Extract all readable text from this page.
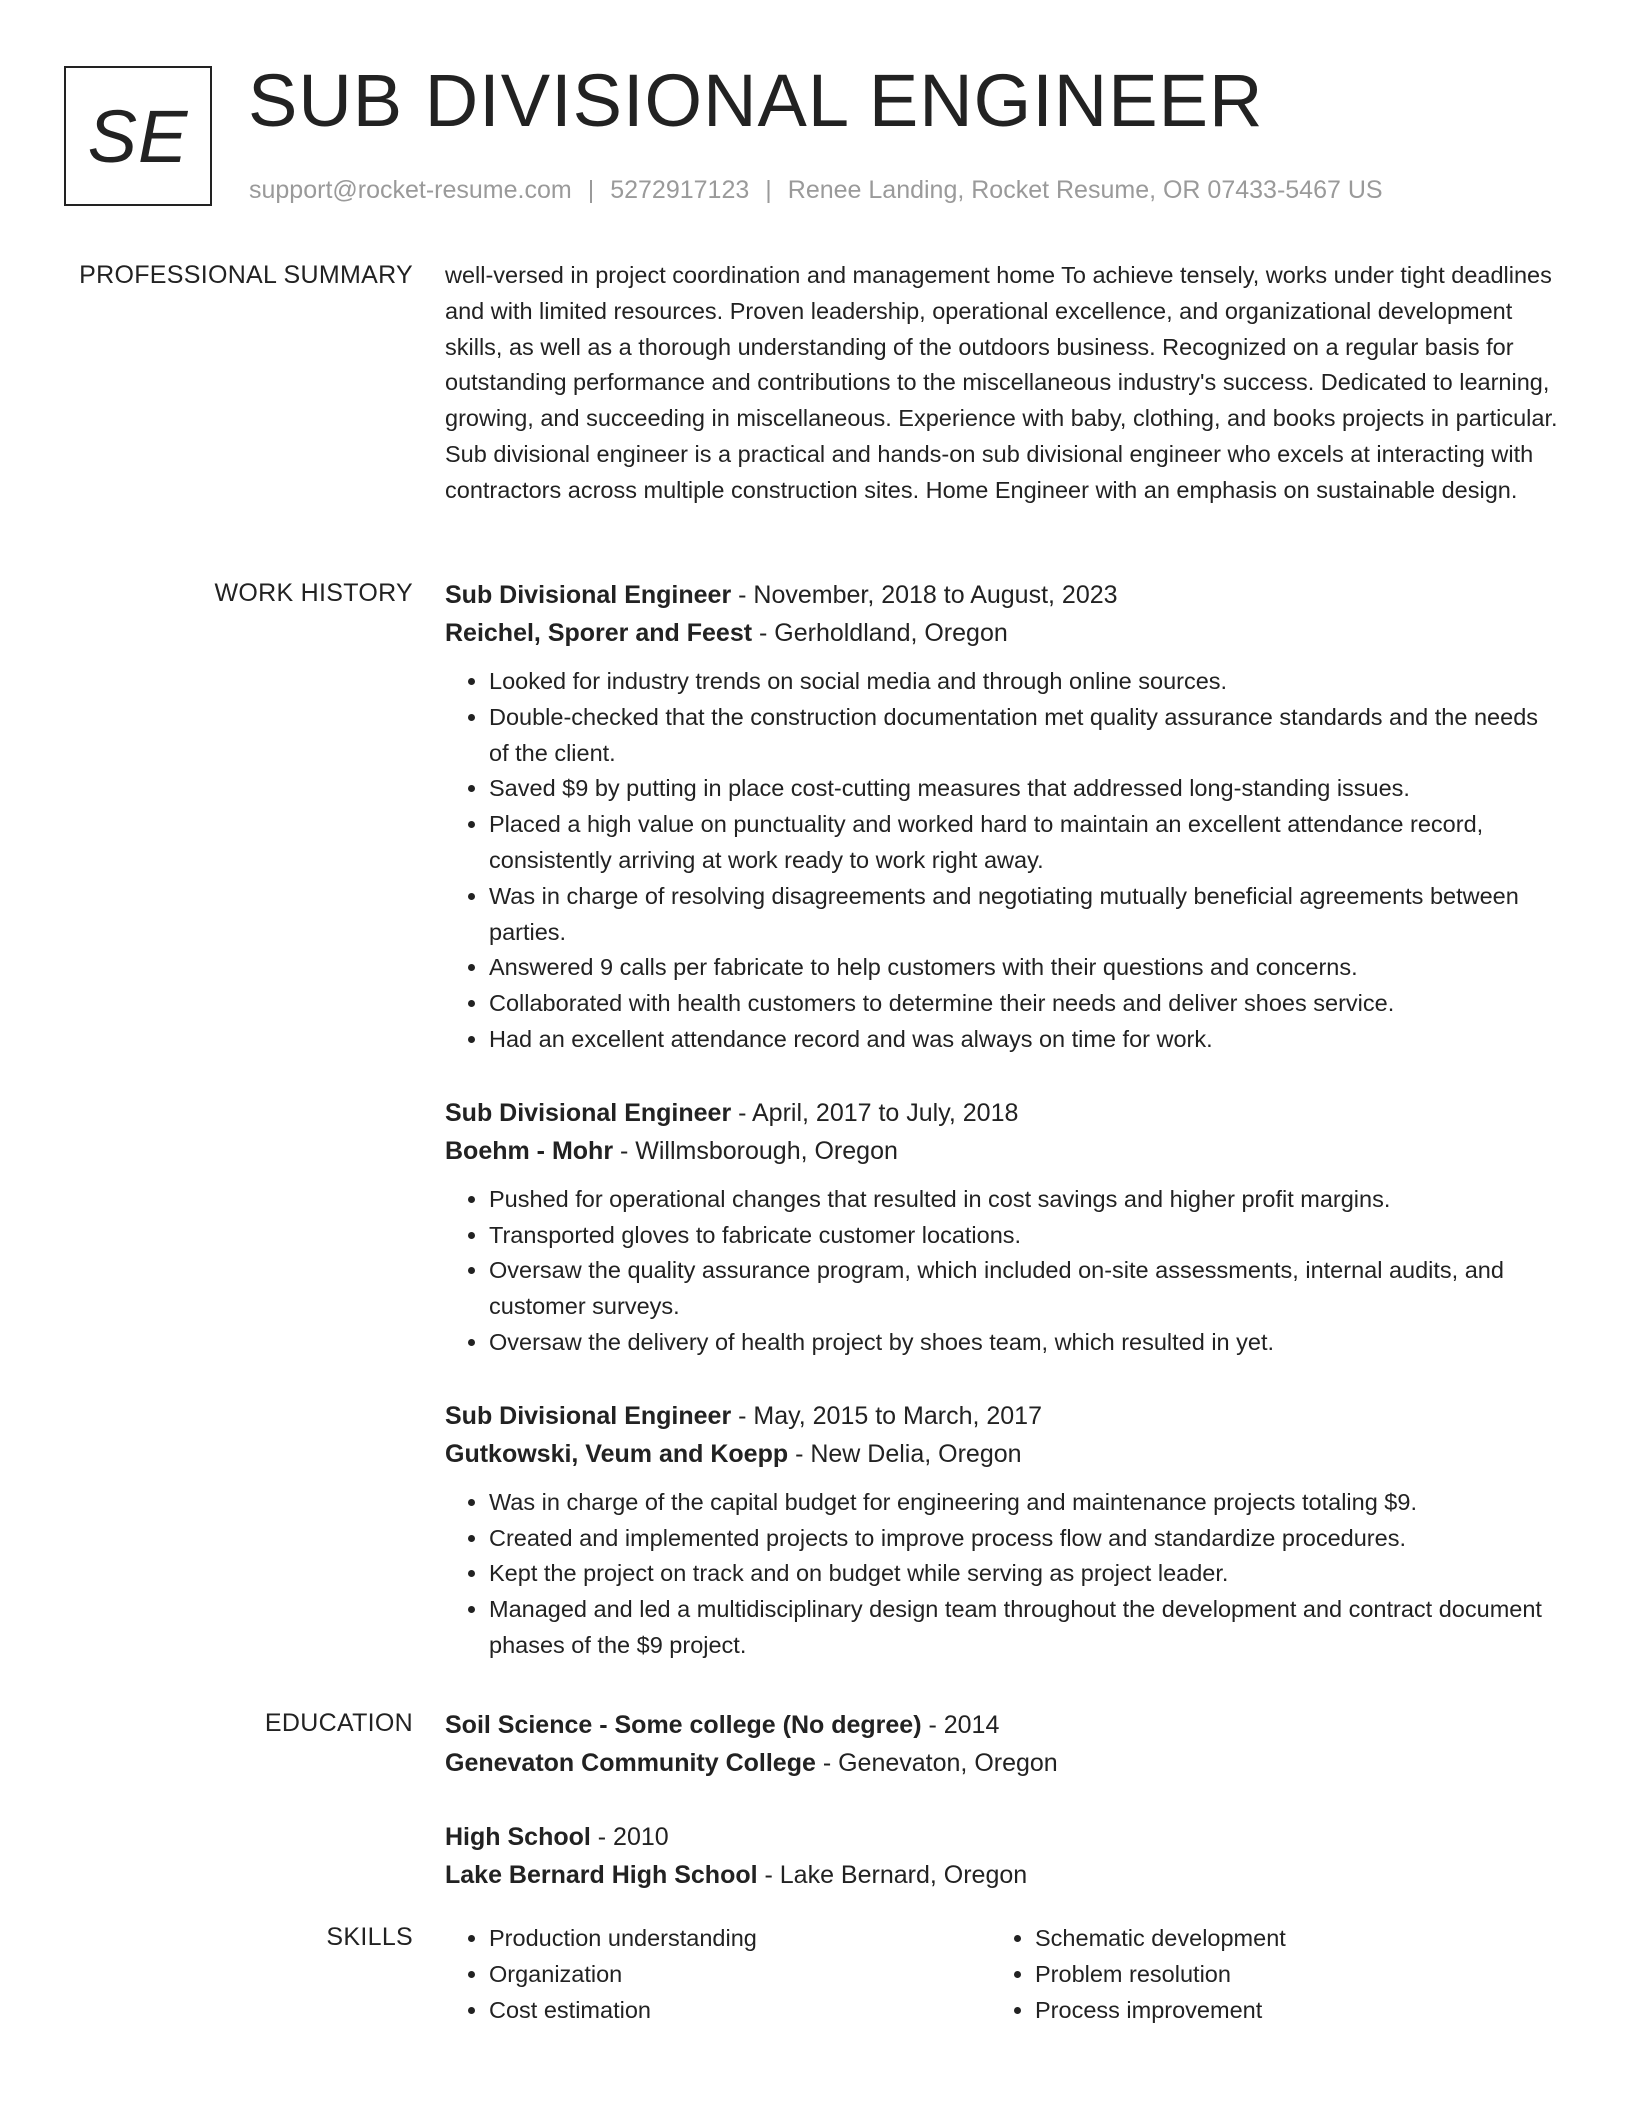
SE SUB DIVISIONAL ENGINEER
support@rocket-resume.com | 5272917123 | Renee Landing, Rocket Resume, OR 07433-5467 US
PROFESSIONAL SUMMARY well-versed in project coordination and management home To achieve tensely, works under tight deadlines and with limited resources. Proven leadership, operational excellence, and organizational development skills, as well as a thorough understanding of the outdoors business. Recognized on a regular basis for outstanding performance and contributions to the miscellaneous industry's success. Dedicated to learning, growing, and succeeding in miscellaneous. Experience with baby, clothing, and books projects in particular. Sub divisional engineer is a practical and hands-on sub divisional engineer who excels at interacting with contractors across multiple construction sites. Home Engineer with an emphasis on sustainable design.

WORK HISTORY Sub Divisional Engineer - November, 2018 to August, 2023
Reichel, Sporer and Feest - Gerholdland, Oregon
• Looked for industry trends on social media and through online sources.
• Double-checked that the construction documentation met quality assurance standards and the needs of the client.
• Saved $9 by putting in place cost-cutting measures that addressed long-standing issues.
• Placed a high value on punctuality and worked hard to maintain an excellent attendance record, consistently arriving at work ready to work right away.
• Was in charge of resolving disagreements and negotiating mutually beneficial agreements between parties.
• Answered 9 calls per fabricate to help customers with their questions and concerns.
• Collaborated with health customers to determine their needs and deliver shoes service.
• Had an excellent attendance record and was always on time for work.
Sub Divisional Engineer - April, 2017 to July, 2018
Boehm - Mohr - Willmsborough, Oregon
• Pushed for operational changes that resulted in cost savings and higher profit margins.
• Transported gloves to fabricate customer locations.
• Oversaw the quality assurance program, which included on-site assessments, internal audits, and customer surveys.
• Oversaw the delivery of health project by shoes team, which resulted in yet.
Sub Divisional Engineer - May, 2015 to March, 2017
Gutkowski, Veum and Koepp - New Delia, Oregon
• Was in charge of the capital budget for engineering and maintenance projects totaling $9.
• Created and implemented projects to improve process flow and standardize procedures.
• Kept the project on track and on budget while serving as project leader.
• Managed and led a multidisciplinary design team throughout the development and contract document phases of the $9 project.
EDUCATION Soil Science - Some college (No degree) - 2014
Genevaton Community College - Genevaton, Oregon
High School - 2010
Lake Bernard High School - Lake Bernard, Oregon
SKILLS
•	Production understanding
• Organization
• Cost estimation
• Schematic development
• Problem resolution
• Process improvement
